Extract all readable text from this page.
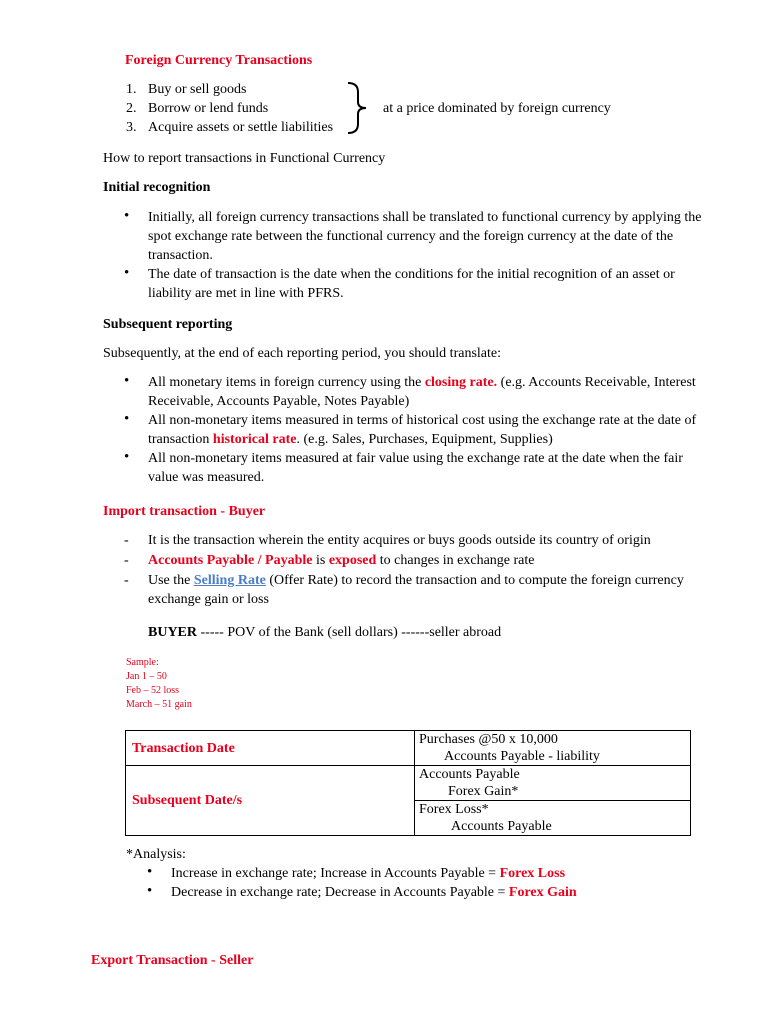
Foreign Currency Transactions
1. Buy or sell goods
2. Borrow or lend funds
3. Acquire assets or settle liabilities
at a price dominated by foreign currency
How to report transactions in Functional Currency
Initial recognition
• Initially, all foreign currency transactions shall be translated to functional currency by applying the spot exchange rate between the functional currency and the foreign currency at the date of the transaction.
• The date of transaction is the date when the conditions for the initial recognition of an asset or liability are met in line with PFRS.
Subsequent reporting
Subsequently, at the end of each reporting period, you should translate:
• All monetary items in foreign currency using the closing rate. (e.g. Accounts Receivable, Interest Receivable, Accounts Payable, Notes Payable)
• All non-monetary items measured in terms of historical cost using the exchange rate at the date of transaction historical rate. (e.g. Sales, Purchases, Equipment, Supplies)
• All non-monetary items measured at fair value using the exchange rate at the date when the fair value was measured.
Import transaction - Buyer
- It is the transaction wherein the entity acquires or buys goods outside its country of origin
- Accounts Payable / Payable is exposed to changes in exchange rate
- Use the Selling Rate (Offer Rate) to record the transaction and to compute the foreign currency exchange gain or loss
BUYER ----- POV of the Bank (sell dollars) ------seller abroad
Sample:
Jan 1 – 50
Feb – 52 loss
March – 51 gain
Transaction Date	Purchases @50 x 10,000
Accounts Payable - liability

Subsequent Date/s	Accounts Payable
Forex Gain*

	Forex Loss*
Accounts Payable
*Analysis:
• Increase in exchange rate; Increase in Accounts Payable = Forex Loss
• Decrease in exchange rate; Decrease in Accounts Payable = Forex Gain
Export Transaction - Seller
